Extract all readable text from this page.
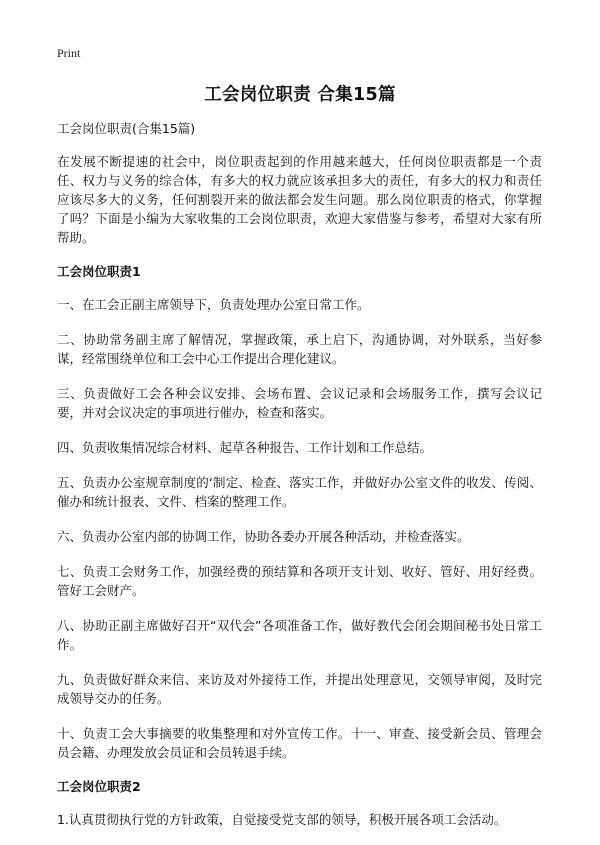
Print
工会岗位职责 合集15篇

工会岗位职责(合集15篇)

在发展不断提速的社会中，岗位职责起到的作用越来越大，任何岗位职责都是一个责任、权力与义务的综合体，有多大的权力就应该承担多大的责任，有多大的权力和责任应该尽多大的义务，任何割裂开来的做法都会发生问题。那么岗位职责的格式，你掌握了吗？下面是小编为大家收集的工会岗位职责，欢迎大家借鉴与参考，希望对大家有所帮助。

工会岗位职责1

一、在工会正副主席领导下，负责处理办公室日常工作。

二、协助常务副主席了解情况，掌握政策，承上启下，沟通协调，对外联系，当好参谋，经常围绕单位和工会中心工作提出合理化建议。

三、负责做好工会各种会议安排、会场布置、会议记录和会场服务工作，撰写会议记要，并对会议决定的事项进行催办，检查和落实。

四、负责收集情况综合材料、起草各种报告、工作计划和工作总结。

五、负责办公室规章制度的‘制定、检查、落实工作，并做好办公室文件的收发、传阅、催办和统计报表、文件、档案的整理工作。

六、负责办公室内部的协调工作，协助各委办开展各种活动，并检查落实。

七、负责工会财务工作，加强经费的预结算和各项开支计划、收好、管好、用好经费。管好工会财产。

八、协助正副主席做好召开“双代会”各项准备工作，做好教代会闭会期间秘书处日常工作。

九、负责做好群众来信、来访及对外接待工作，并提出处理意见，交领导审阅，及时完成领导交办的任务。

十、负责工会大事摘要的收集整理和对外宣传工作。十一、审查、接受新会员、管理会员会籍、办理发放会员证和会员转退手续。

工会岗位职责2

1.认真贯彻执行党的方针政策，自觉接受党支部的领导，积极开展各项工会活动。
